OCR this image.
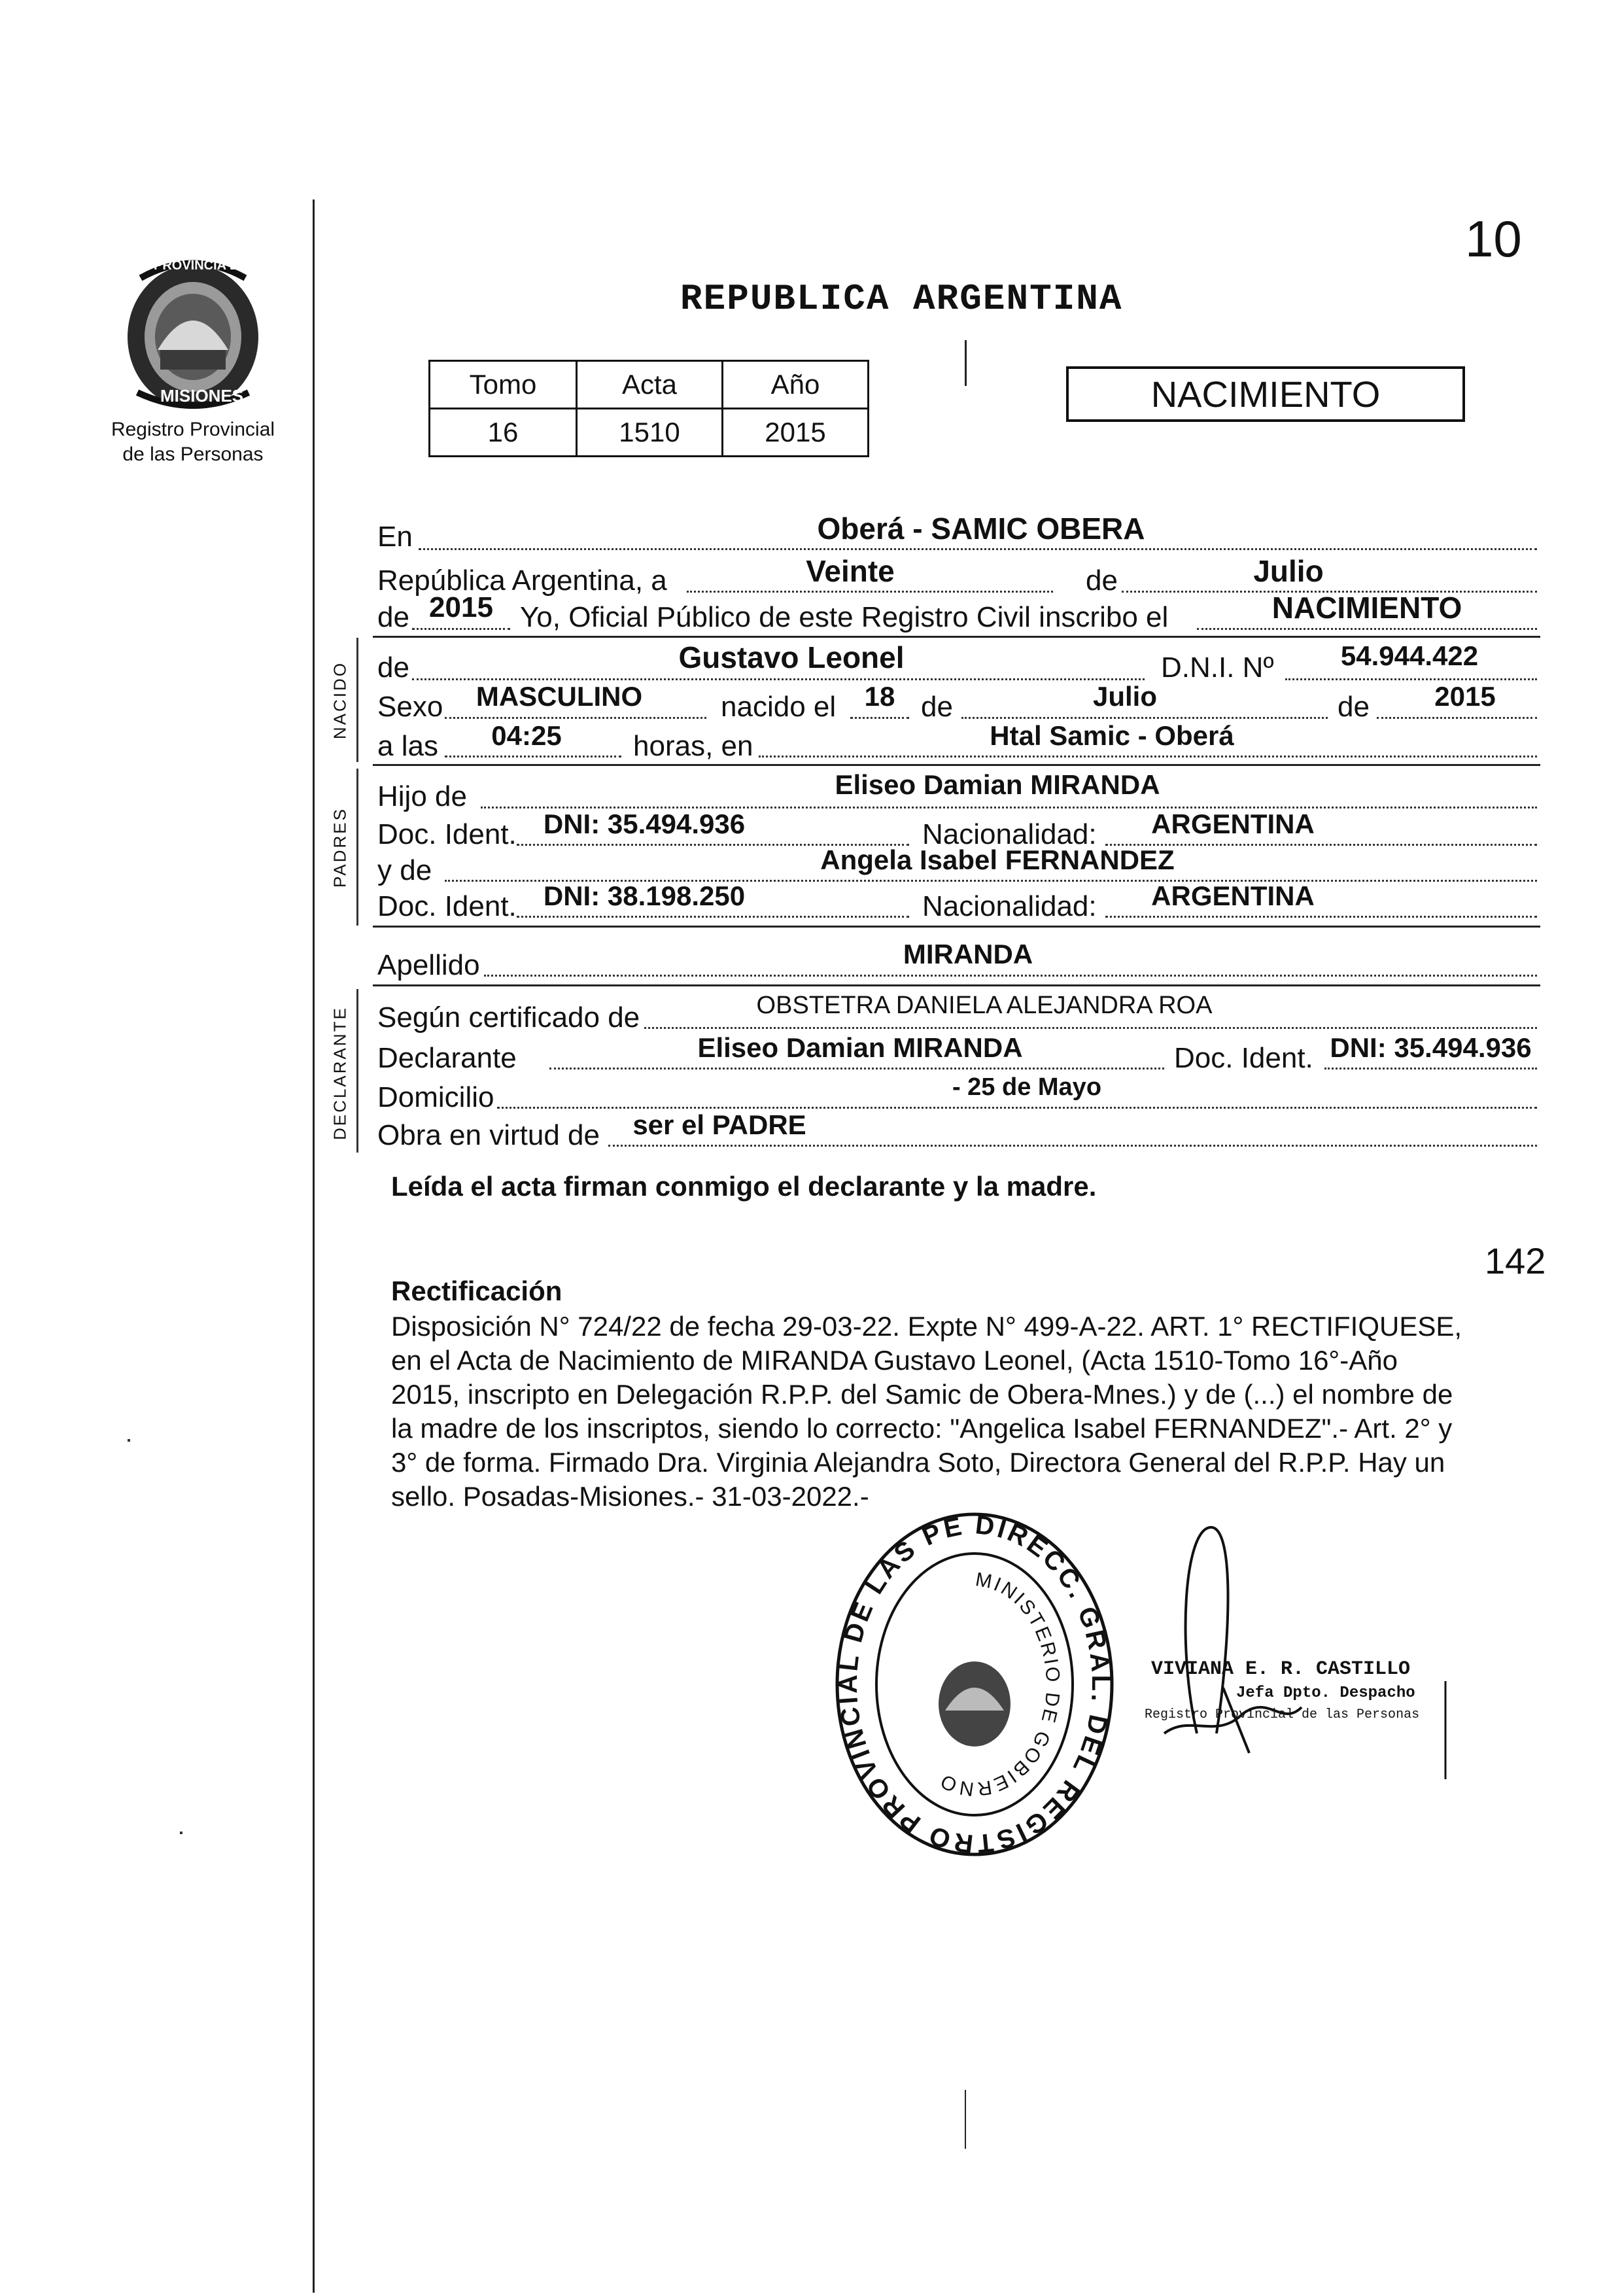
10
PROVINCIA DE
MISIONES
Registro Provincial
de las Personas
REPUBLICA ARGENTINA
Tomo	Acta	Año
16	1510	2015
NACIMIENTO
En	Oberá - SAMIC OBERA
República Argentina, a	Veinte	de	Julio
de 2015 Yo, Oficial Público de este Registro Civil inscribo el	NACIMIENTO
NACIDO de	Gustavo Leonel	D.N.I. Nº	54.944.422
Sexo	MASCULINO	nacido el	18 de	Julio	de	2015
a las	04:25	horas, en	Htal Samic - Oberá
PADRES
Hijo de	Eliseo Damian MIRANDA
Doc. Ident. DNI: 35.494.936	Nacionalidad:	ARGENTINA
y de	Angela Isabel FERNANDEZ
Doc. Ident. DNI: 38.198.250	Nacionalidad:	ARGENTINA
Apellido	MIRANDA
DECLARANTE Según certificado de	OBSTETRA DANIELA ALEJANDRA ROA
Declarante	Eliseo Damian MIRANDA	Doc. Ident. DNI: 35.494.936
Domicilio	- 25 de Mayo
Obra en virtud de	ser el PADRE
Leída el acta firman conmigo el declarante y la madre.
142
Rectificación
Disposición N° 724/22 de fecha 29-03-22. Expte N° 499-A-22. ART. 1° RECTIFIQUESE,
en el Acta de Nacimiento de MIRANDA Gustavo Leonel, (Acta 1510-Tomo 16°-Año
2015, inscripto en Delegación R.P.P. del Samic de Obera-Mnes.) y de (...) el nombre de
la madre de los inscriptos, siendo lo correcto: "Angelica Isabel FERNANDEZ".- Art. 2° y
3° de forma. Firmado Dra. Virginia Alejandra Soto, Directora General del R.P.P. Hay un
sello. Posadas-Misiones.- 31-03-2022.-
DIRECC. GRAL. DEL REGISTRO PROVINCIAL DE LAS PE
MINISTERIO DE GOBIERNO
VIVIANA E. R. CASTILLO
Jefa Dpto. Despacho
Registro Provincial de las Personas
